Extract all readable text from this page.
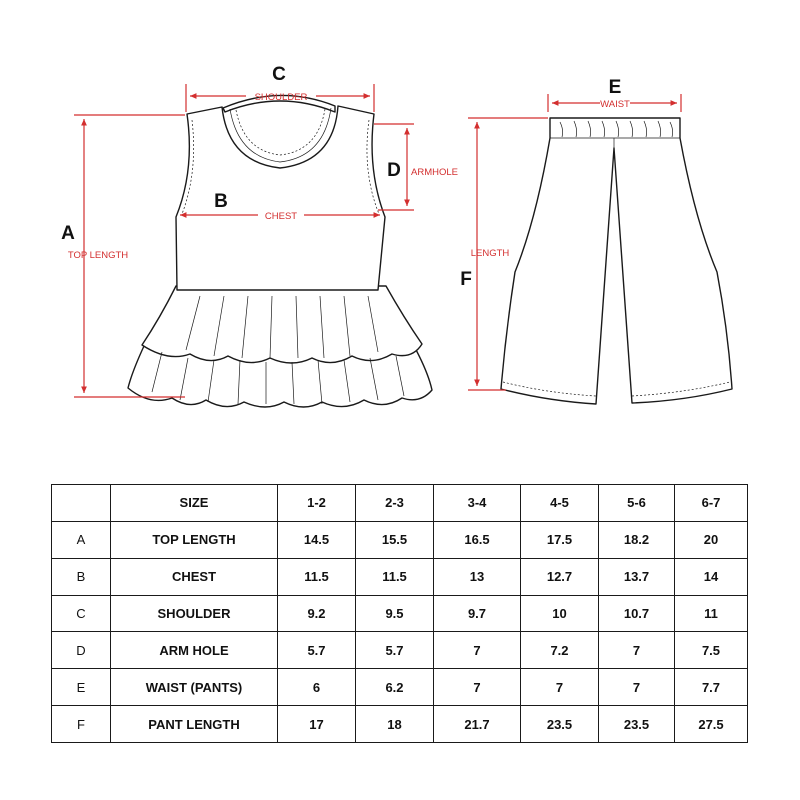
A
TOP LENGTH
B
CHEST
C
SHOULDER
D ARMHOLE
E
WAIST
F
LENGTH
	SIZE	1-2	2-3	3-4	4-5	5-6	6-7
A	TOP LENGTH	14.5	15.5	16.5	17.5	18.2	20
B	CHEST	11.5	11.5	13	12.7	13.7	14
C	SHOULDER	9.2	9.5	9.7	10	10.7	11
D	ARM HOLE	5.7	5.7	7	7.2	7	7.5
E	WAIST (PANTS)	6	6.2	7	7	7	7.7
F	PANT LENGTH	17	18	21.7	23.5	23.5	27.5
